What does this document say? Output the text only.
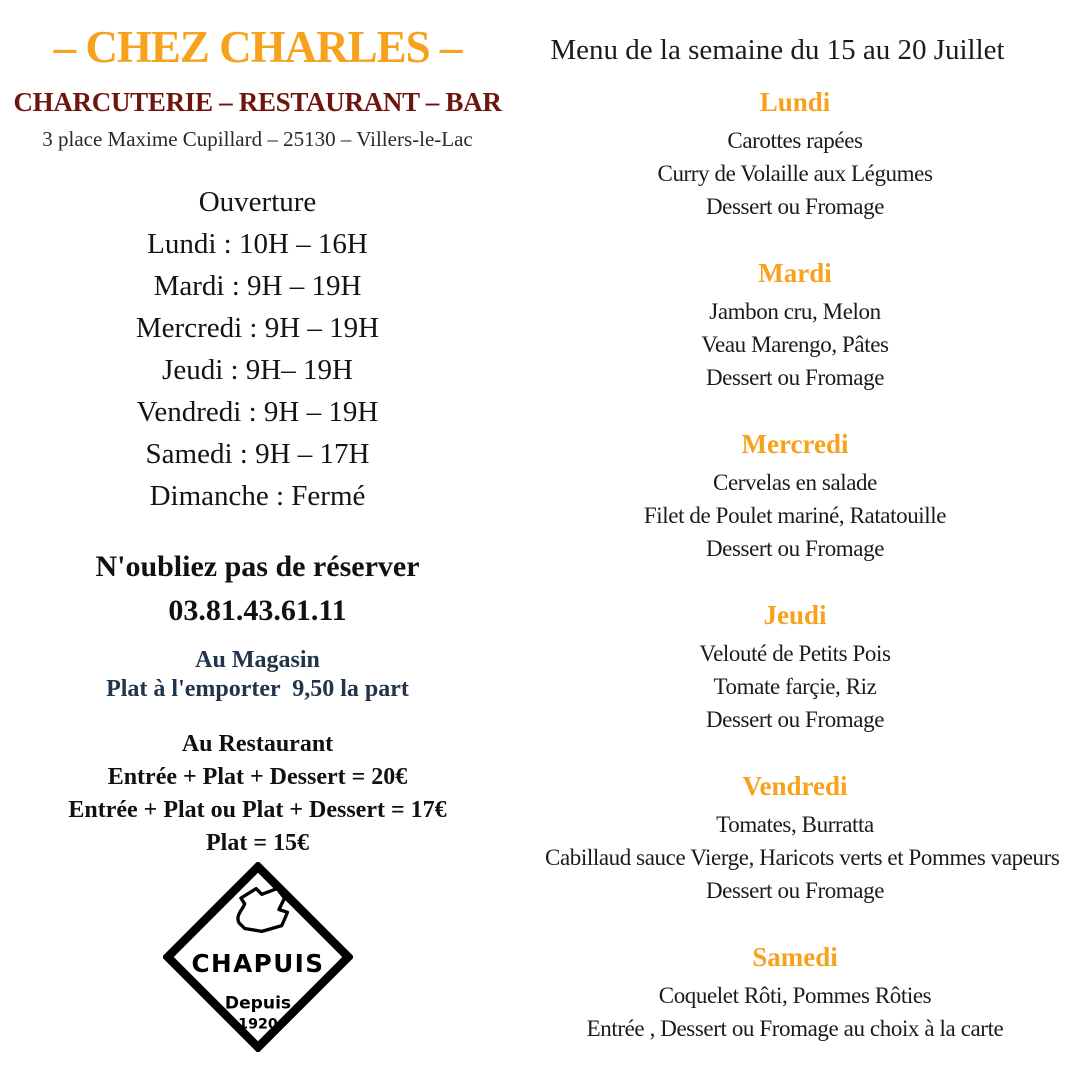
– CHEZ CHARLES –
CHARCUTERIE – RESTAURANT – BAR
3 place Maxime Cupillard – 25130 – Villers-le-Lac
Ouverture
Lundi : 10H – 16H
Mardi : 9H – 19H
Mercredi : 9H – 19H
Jeudi : 9H– 19H
Vendredi : 9H – 19H
Samedi : 9H – 17H
Dimanche : Fermé
N'oubliez pas de réserver
03.81.43.61.11
Au Magasin
Plat à l'emporter  9,50 la part
Au Restaurant
Entrée + Plat + Dessert = 20€
Entrée + Plat ou Plat + Dessert = 17€
Plat = 15€
CHAPUIS
Depuis
1920
Menu de la semaine du 15 au 20 Juillet
Lundi
Carottes rapées
Curry de Volaille aux Légumes
Dessert ou Fromage
Mardi
Jambon cru, Melon
Veau Marengo, Pâtes
Dessert ou Fromage
Mercredi
Cervelas en salade
Filet de Poulet mariné, Ratatouille
Dessert ou Fromage
Jeudi
Velouté de Petits Pois
Tomate farçie, Riz
Dessert ou Fromage
Vendredi
Tomates, Burratta
Cabillaud sauce Vierge, Haricots verts et Pommes vapeurs
Dessert ou Fromage
Samedi
Coquelet Rôti, Pommes Rôties
Entrée , Dessert ou Fromage au choix à la carte
